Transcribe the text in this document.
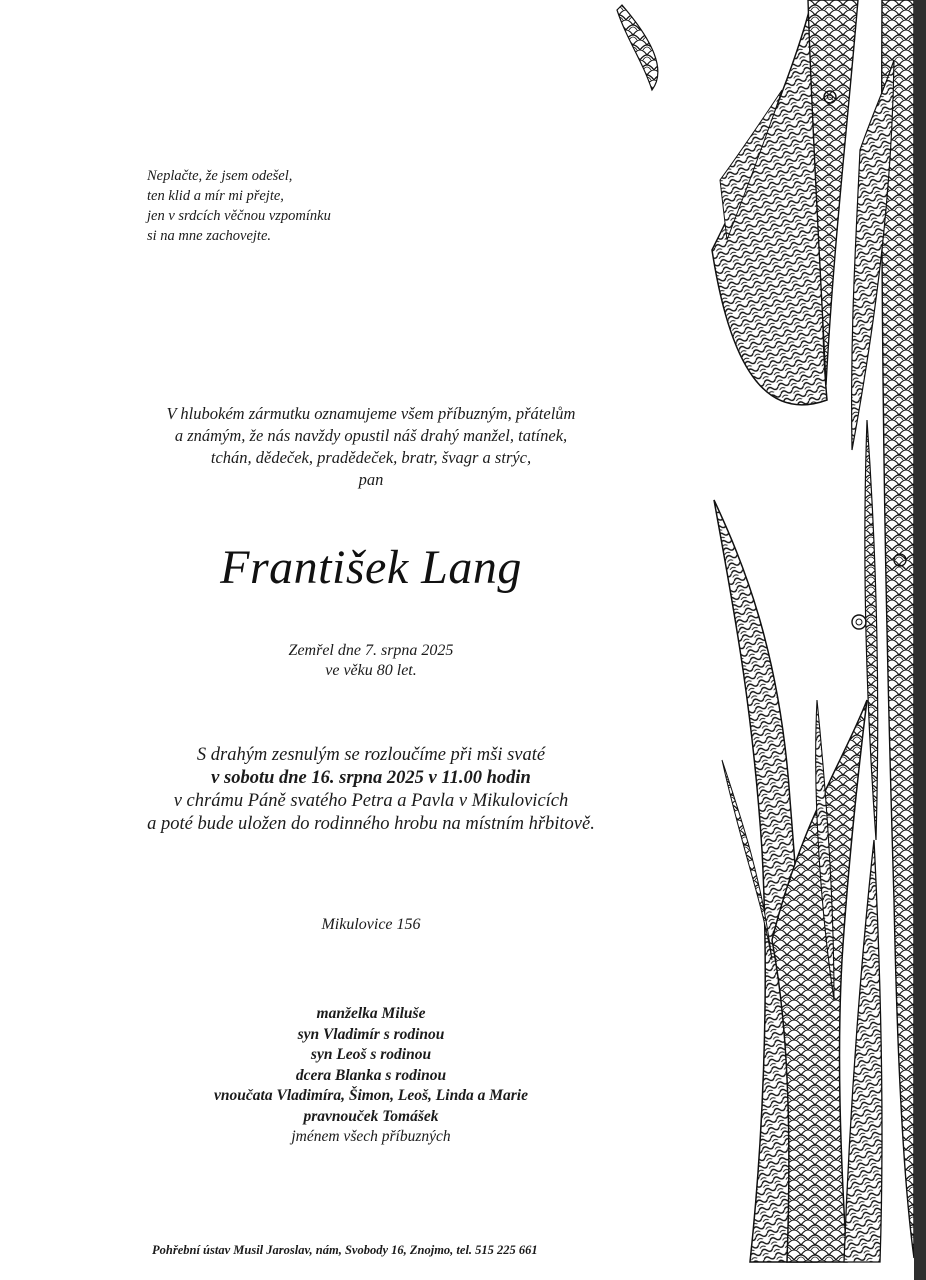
Neplačte, že jsem odešel,
ten klid a mír mi přejte,
jen v srdcích věčnou vzpomínku
si na mne zachovejte.
V hlubokém zármutku oznamujeme všem příbuzným, přátelům
a známým, že nás navždy opustil náš drahý manžel, tatínek,
tchán, dědeček, pradědeček, bratr, švagr a strýc,
pan
František Lang
Zemřel dne 7. srpna 2025
ve věku 80 let.
S drahým zesnulým se rozloučíme při mši svaté
v sobotu dne 16. srpna 2025 v 11.00 hodin
v chrámu Páně svatého Petra a Pavla v Mikulovicích
a poté bude uložen do rodinného hrobu na místním hřbitově.
Mikulovice 156
manželka Miluše
syn Vladimír s rodinou
syn Leoš s rodinou
dcera Blanka s rodinou
vnoučata Vladimíra, Šimon, Leoš, Linda a Marie
pravnouček Tomášek
jménem všech příbuzných
Pohřební ústav Musil Jaroslav, nám, Svobody 16, Znojmo, tel. 515 225 661
